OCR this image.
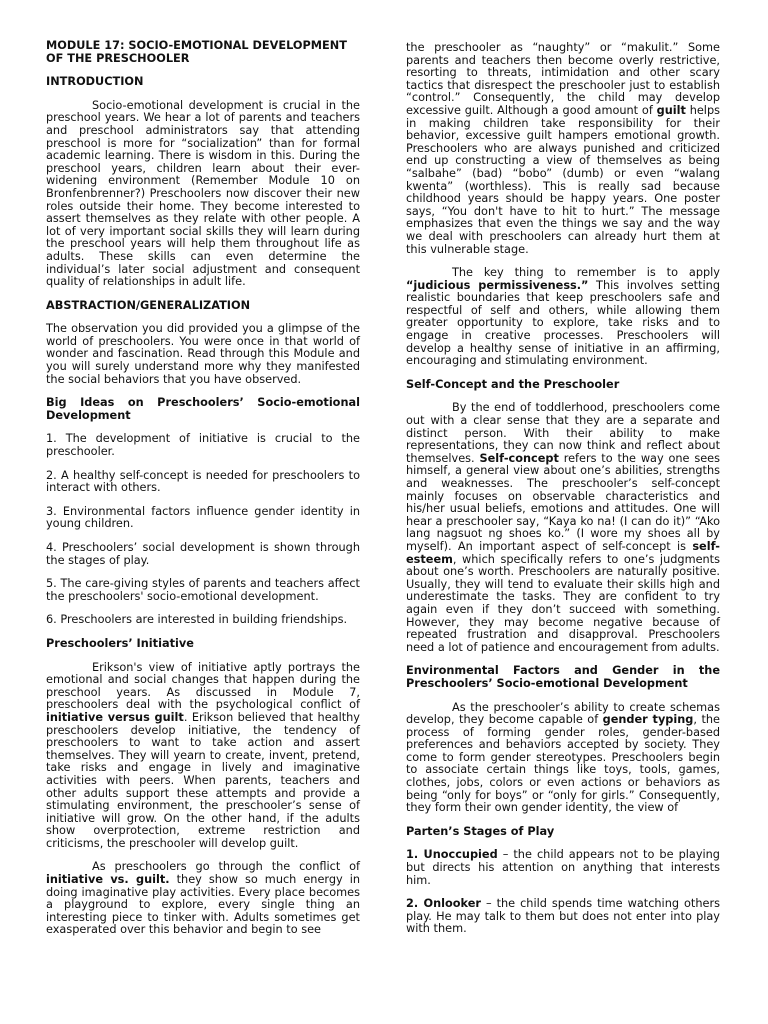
MODULE 17: SOCIO-EMOTIONAL DEVELOPMENT OF THE PRESCHOOLER

INTRODUCTION

Socio-emotional development is crucial in the preschool years. We hear a lot of parents and teachers and preschool administrators say that attending preschool is more for “socialization” than for formal academic learning. There is wisdom in this. During the preschool years, children learn about their ever- widening environment (Remember Module 10 on Bronfenbrenner?) Preschoolers now discover their new roles outside their home. They become interested to assert themselves as they relate with other people. A lot of very important social skills they will learn during the preschool years will help them throughout life as adults. These skills can even determine the individual’s later social adjustment and consequent quality of relationships in adult life.

ABSTRACTION/GENERALIZATION

The observation you did provided you a glimpse of the world of preschoolers. You were once in that world of wonder and fascination. Read through this Module and you will surely understand more why they manifested the social behaviors that you have observed.

Big Ideas on Preschoolers’ Socio-emotional Development

1. The development of initiative is crucial to the preschooler.

2. A healthy self-concept is needed for preschoolers to interact with others.

3. Environmental factors influence gender identity in young children.

4. Preschoolers’ social development is shown through the stages of play.

5. The care-giving styles of parents and teachers affect the preschoolers' socio-emotional development.

6. Preschoolers are interested in building friendships.

Preschoolers’ Initiative

Erikson's view of initiative aptly portrays the emotional and social changes that happen during the preschool years. As discussed in Module 7, preschoolers deal with the psychological conflict of initiative versus guilt. Erikson believed that healthy preschoolers develop initiative, the tendency of preschoolers to want to take action and assert themselves. They will yearn to create, invent, pretend, take risks and engage in lively and imaginative activities with peers. When parents, teachers and other adults support these attempts and provide a stimulating environment, the preschooler’s sense of initiative will grow. On the other hand, if the adults show overprotection, extreme restriction and criticisms, the preschooler will develop guilt.

As preschoolers go through the conflict of initiative vs. guilt. they show so much energy in doing imaginative play activities. Every place becomes a playground to explore, every single thing an interesting piece to tinker with. Adults sometimes get exasperated over this behavior and begin to see

the preschooler as “naughty” or “makulit.” Some parents and teachers then become overly restrictive, resorting to threats, intimidation and other scary tactics that disrespect the preschooler just to establish “control.” Consequently, the child may develop excessive guilt. Although a good amount of guilt helps in making children take responsibility for their behavior, excessive guilt hampers emotional growth. Preschoolers who are always punished and criticized end up constructing a view of themselves as being “salbahe” (bad) “bobo” (dumb) or even “walang kwenta” (worthless). This is really sad because childhood years should be happy years. One poster says, “You don't have to hit to hurt.” The message emphasizes that even the things we say and the way we deal with preschoolers can already hurt them at this vulnerable stage.

The key thing to remember is to apply “judicious permissiveness.” This involves setting realistic boundaries that keep preschoolers safe and respectful of self and others, while allowing them greater opportunity to explore, take risks and to engage in creative processes. Preschoolers will develop a healthy sense of initiative in an affirming, encouraging and stimulating environment.

Self-Concept and the Preschooler

By the end of toddlerhood, preschoolers come out with a clear sense that they are a separate and distinct person. With their ability to make representations, they can now think and reflect about themselves. Self-concept refers to the way one sees himself, a general view about one’s abilities, strengths and weaknesses. The preschooler’s self-concept mainly focuses on observable characteristics and his/her usual beliefs, emotions and attitudes. One will hear a preschooler say, “Kaya ko na! (I can do it)” “Ako lang nagsuot ng shoes ko.” (I wore my shoes all by myself). An important aspect of self-concept is self-esteem, which specifically refers to one’s judgments about one’s worth. Preschoolers are naturally positive. Usually, they will tend to evaluate their skills high and underestimate the tasks. They are confident to try again even if they don’t succeed with something. However, they may become negative because of repeated frustration and disapproval. Preschoolers need a lot of patience and encouragement from adults.

Environmental Factors and Gender in the Preschoolers’ Socio-emotional Development

As the preschooler’s ability to create schemas develop, they become capable of gender typing, the process of forming gender roles, gender-based preferences and behaviors accepted by society. They come to form gender stereotypes. Preschoolers begin to associate certain things like toys, tools, games, clothes, jobs, colors or even actions or behaviors as being “only for boys” or “only for girls.” Consequently, they form their own gender identity, the view of

Parten’s Stages of Play

1. Unoccupied – the child appears not to be playing but directs his attention on anything that interests him.

2. Onlooker – the child spends time watching others play. He may talk to them but does not enter into play with them.
